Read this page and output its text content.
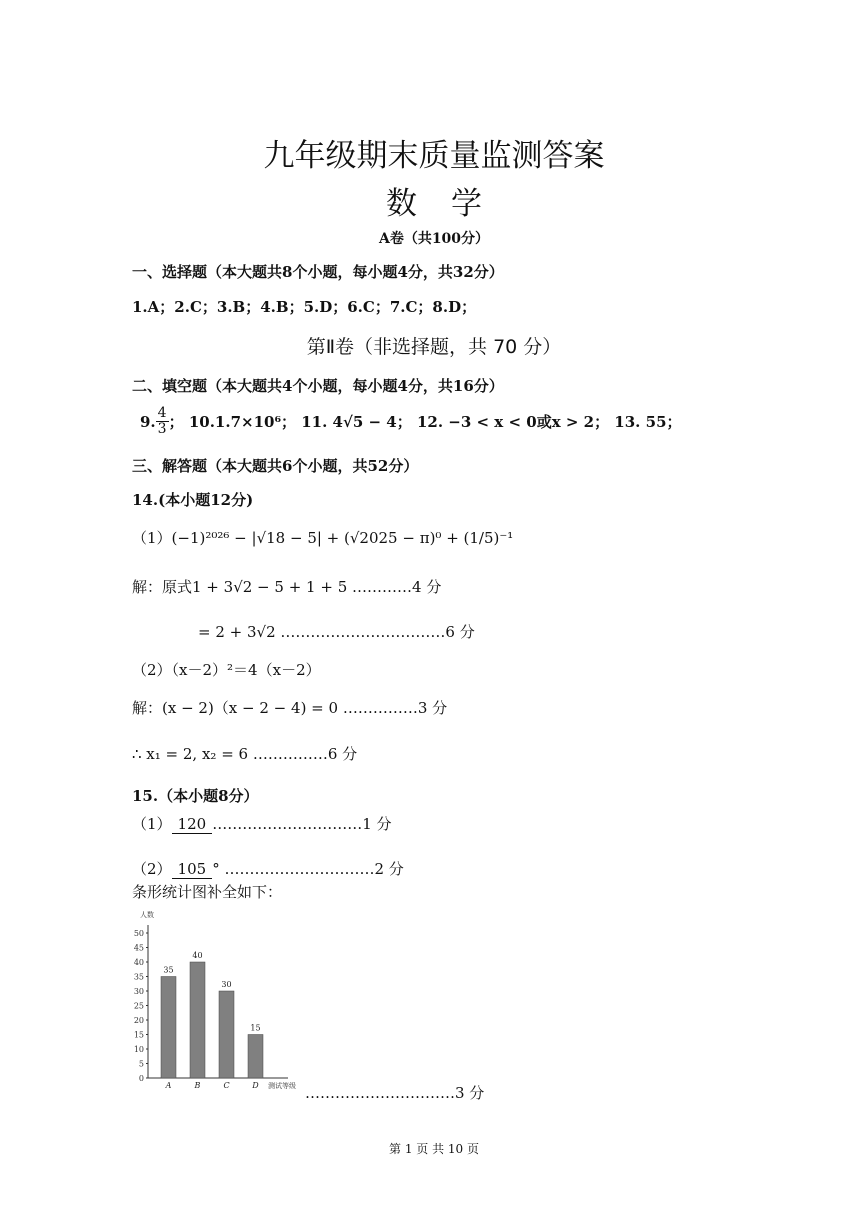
九年级期末质量监测答案
数学
A卷（共100分）
一、选择题（本大题共8个小题，每小题4分，共32分）
1.A；2.C；3.B；4.B；5.D；6.C；7.C；8.D；
第Ⅱ卷（非选择题，共 70 分）
二、填空题（本大题共4个小题，每小题4分，共16分）
9. $\frac{4}{3}$ ； 10.1.7×10⁶； 11. 4√5 − 4； 12. −3 < x < 0或x > 2； 13. 55；
三、解答题（本大题共6个小题，共52分）
14.(本小题12分)
（1）(−1)²⁰²⁶ − |√18 − 5| + (√2025 − π)⁰ + (1/5)⁻¹
解：原式1 + 3√2 − 5 + 1 + 5 …………4 分
= 2 + 3√2 ……………………………6 分
（2）（x－2）²＝4（x－2）
解：(x − 2)（x − 2 − 4) = 0 ……………3 分
∴ x₁ = 2, x₂ = 6 ……………6 分
15.（本小题8分）
（1） 120 …………………………1 分
（2） 105 ° …………………………2 分
条形统计图补全如下：
人数
0
5
10
15
20
25
30
35
40
45
50
35
A
40
B
30
C
15
D 测试等级 …………………………3 分
第 1 页 共 10 页
